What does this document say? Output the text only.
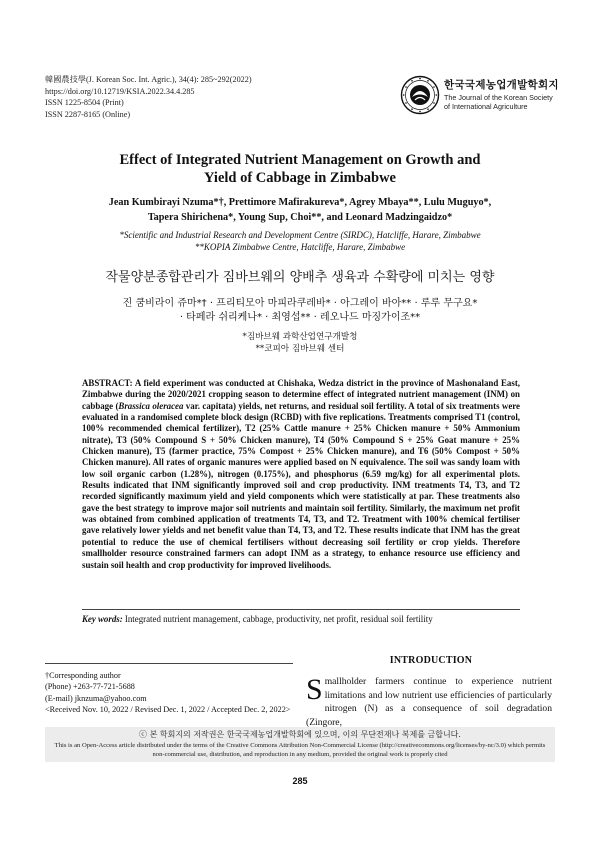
韓國農技學(J. Korean Soc. Int. Agric.), 34(4): 285~292(2022)
https://doi.org/10.12719/KSIA.2022.34.4.285
ISSN 1225-8504 (Print)
ISSN 2287-8165 (Online)
한국국제농업개발학회지
The Journal of the Korean Society
of International Agriculture
Effect of Integrated Nutrient Management on Growth and
Yield of Cabbage in Zimbabwe
Jean Kumbirayi Nzuma*†, Prettimore Mafirakureva*, Agrey Mbaya**, Lulu Muguyo*,
Tapera Shirichena*, Young Sup, Choi**, and Leonard Madzingaidzo*
*Scientific and Industrial Research and Development Centre (SIRDC), Hatcliffe, Harare, Zimbabwe
**KOPIA Zimbabwe Centre, Hatcliffe, Harare, Zimbabwe
작물양분종합관리가 짐바브웨의 양배추 생육과 수확량에 미치는 영향
진 쿰비라이 쥬마*† · 프리티모아 마피라쿠레바* · 아그레이 바아** · 루루 무구요*
· 타페라 쉬리케나* · 최영섭** · 레오나드 마징가이조**
*짐바브웨 과학산업연구개발청
**코피아 짐바브웨 센터
ABSTRACT: A field experiment was conducted at Chishaka, Wedza district in the province of Mashonaland East, Zimbabwe during the 2020/2021 cropping season to determine effect of integrated nutrient management (INM) on cabbage (Brassica oleracea var. capitata) yields, net returns, and residual soil fertility. A total of six treatments were evaluated in a randomised complete block design (RCBD) with five replications. Treatments comprised T1 (control, 100% recommended chemical fertilizer), T2 (25% Cattle manure + 25% Chicken manure + 50% Ammonium nitrate), T3 (50% Compound S + 50% Chicken manure), T4 (50% Compound S + 25% Goat manure + 25% Chicken manure), T5 (farmer practice, 75% Compost + 25% Chicken manure), and T6 (50% Compost + 50% Chicken manure). All rates of organic manures were applied based on N equivalence. The soil was sandy loam with low soil organic carbon (1.28%), nitrogen (0.175%), and phosphorus (6.59 mg/kg) for all experimental plots. Results indicated that INM significantly improved soil and crop productivity. INM treatments T4, T3, and T2 recorded significantly maximum yield and yield components which were statistically at par. These treatments also gave the best strategy to improve major soil nutrients and maintain soil fertility. Similarly, the maximum net profit was obtained from combined application of treatments T4, T3, and T2. Treatment with 100% chemical fertiliser gave relatively lower yields and net benefit value than T4, T3, and T2. These results indicate that INM has the great potential to reduce the use of chemical fertilisers without decreasing soil fertility or crop yields. Therefore smallholder resource constrained farmers can adopt INM as a strategy, to enhance resource use efficiency and sustain soil health and crop productivity for improved livelihoods.
Key words: Integrated nutrient management, cabbage, productivity, net profit, residual soil fertility
†Corresponding author
(Phone) +263-77-721-5688
(E-mail) jknzuma@yahoo.com
<Received Nov. 10, 2022 / Revised Dec. 1, 2022 / Accepted Dec. 2, 2022>
INTRODUCTION
Smallholder farmers continue to experience nutrient limitations and low nutrient use efficiencies of particularly nitrogen (N) as a consequence of soil degradation (Zingore,
ⓒ 본 학회지의 저작권은 한국국제농업개발학회에 있으며, 이의 무단전재나 복제를 금합니다.
This is an Open-Access article distributed under the terms of the Creative Commons Attribution Non-Commercial License (http://creativecommons.org/licenses/by-nc/3.0) which permits non-commercial use, distribution, and reproduction in any medium, provided the original work is properly cited
285
